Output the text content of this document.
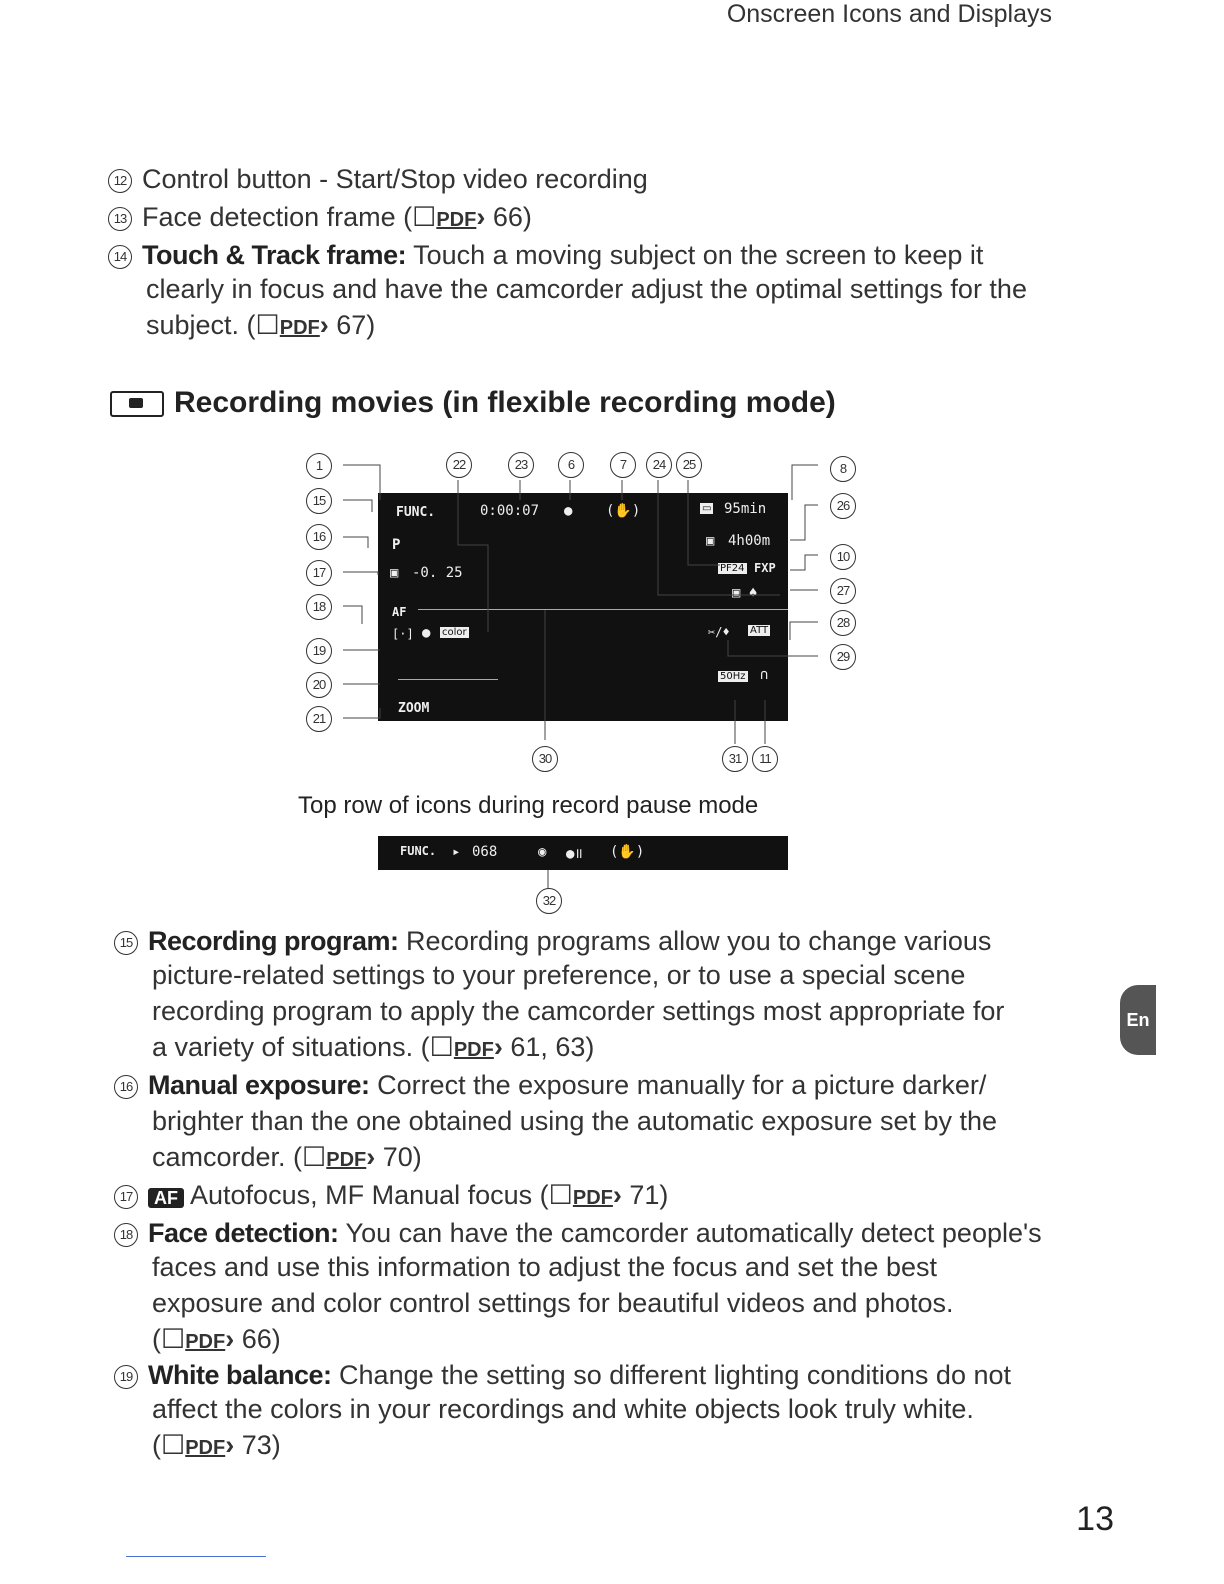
Onscreen Icons and Displays
12 Control button - Start/Stop video recording
13 Face detection frame (☐PDF› 66)
14 Touch & Track frame: Touch a moving subject on the screen to keep it
clearly in focus and have the camcorder adjust the optimal settings for the
subject. (☐PDF› 67)
Recording movies (in flexible recording mode)
FUNC.
P
▣ -0. 25
AF
[·] ● color
ZOOM
0:00:07 ● (✋)	▭ 95min
▣ 4h00m
PF24 FXP
▣ ♠
✂/♦ ATT
50Hz ∩
1
15
16
17
18
19
20
21
22	23	6	7	24	25	8
26
10
27
28
29
30	31	11
Top row of icons during record pause mode
FUNC. ▸ 068	◉ ●॥ (✋)
32
15 Recording program: Recording programs allow you to change various
picture-related settings to your preference, or to use a special scene
recording program to apply the camcorder settings most appropriate for
a variety of situations. (☐PDF› 61, 63)
16 Manual exposure: Correct the exposure manually for a picture darker/
brighter than the one obtained using the automatic exposure set by the
camcorder. (☐PDF› 70)
17 AF Autofocus, MF Manual focus (☐PDF› 71)
18 Face detection: You can have the camcorder automatically detect people's
faces and use this information to adjust the focus and set the best
exposure and color control settings for beautiful videos and photos.
(☐PDF› 66)
19 White balance: Change the setting so different lighting conditions do not
affect the colors in your recordings and white objects look truly white.
(☐PDF› 73)
En
13
